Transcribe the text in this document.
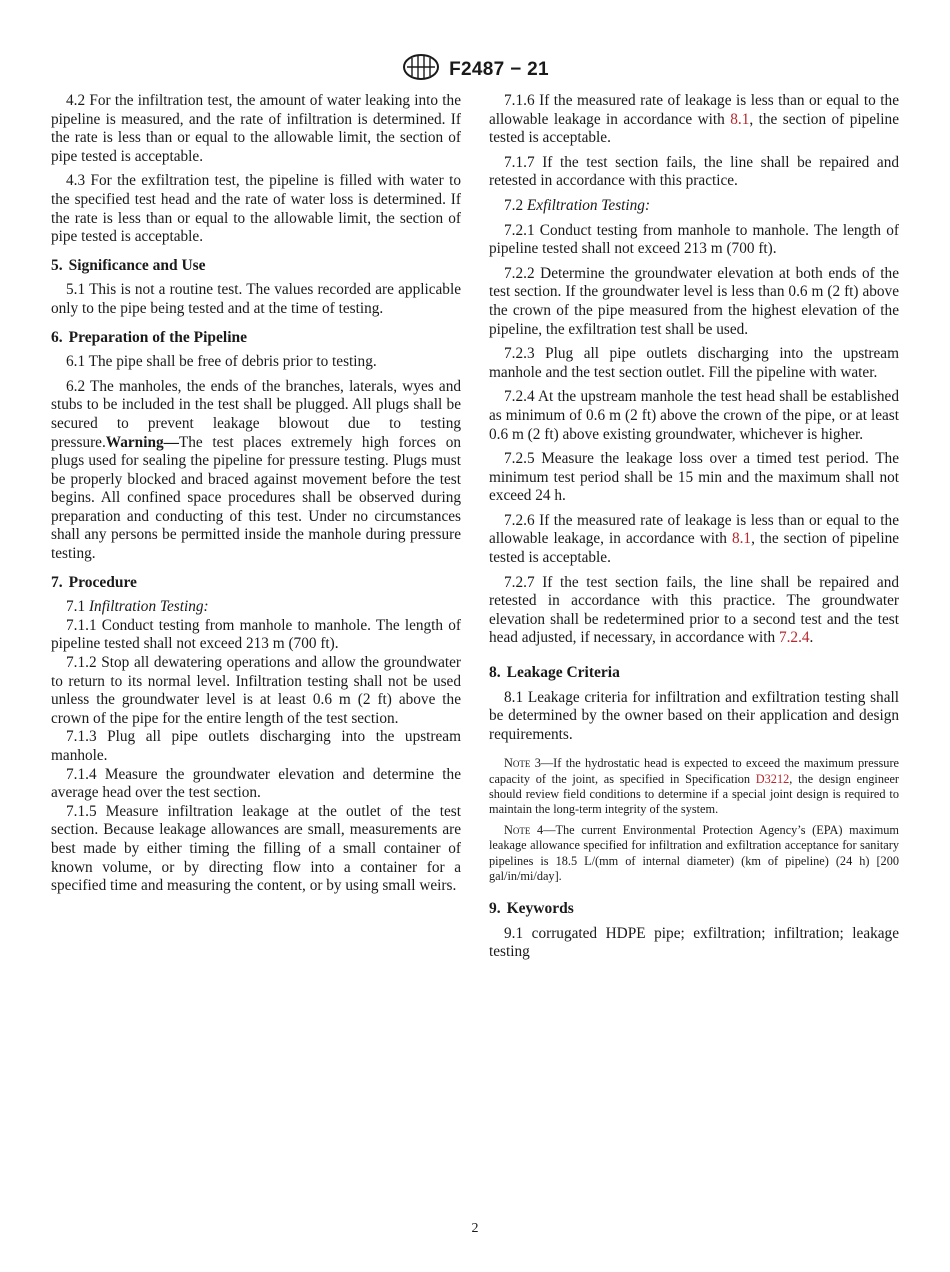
F2487 − 21

4.2 For the infiltration test, the amount of water leaking into the pipeline is measured, and the rate of infiltration is determined. If the rate is less than or equal to the allowable limit, the section of pipe tested is acceptable.

4.3 For the exfiltration test, the pipeline is filled with water to the specified test head and the rate of water loss is determined. If the rate is less than or equal to the allowable limit, the section of pipe tested is acceptable.

5. Significance and Use

5.1 This is not a routine test. The values recorded are applicable only to the pipe being tested and at the time of testing.

6. Preparation of the Pipeline

6.1 The pipe shall be free of debris prior to testing.

6.2 The manholes, the ends of the branches, laterals, wyes and stubs to be included in the test shall be plugged. All plugs shall be secured to prevent leakage blowout due to testing pressure.Warning—The test places extremely high forces on plugs used for sealing the pipeline for pressure testing. Plugs must be properly blocked and braced against movement before the test begins. All confined space procedures shall be observed during preparation and conducting of this test. Under no circumstances shall any persons be permitted inside the manhole during pressure testing.

7. Procedure

7.1 Infiltration Testing:

7.1.1 Conduct testing from manhole to manhole. The length of pipeline tested shall not exceed 213 m (700 ft).

7.1.2 Stop all dewatering operations and allow the groundwater to return to its normal level. Infiltration testing shall not be used unless the groundwater level is at least 0.6 m (2 ft) above the crown of the pipe for the entire length of the test section.

7.1.3 Plug all pipe outlets discharging into the upstream manhole.

7.1.4 Measure the groundwater elevation and determine the average head over the test section.

7.1.5 Measure infiltration leakage at the outlet of the test section. Because leakage allowances are small, measurements are best made by either timing the filling of a small container of known volume, or by directing flow into a container for a specified time and measuring the content, or by using small weirs.

7.1.6 If the measured rate of leakage is less than or equal to the allowable leakage in accordance with 8.1, the section of pipeline tested is acceptable.

7.1.7 If the test section fails, the line shall be repaired and retested in accordance with this practice.

7.2 Exfiltration Testing:

7.2.1 Conduct testing from manhole to manhole. The length of pipeline tested shall not exceed 213 m (700 ft).

7.2.2 Determine the groundwater elevation at both ends of the test section. If the groundwater level is less than 0.6 m (2 ft) above the crown of the pipe measured from the highest elevation of the pipeline, the exfiltration test shall be used.

7.2.3 Plug all pipe outlets discharging into the upstream manhole and the test section outlet. Fill the pipeline with water.

7.2.4 At the upstream manhole the test head shall be established as minimum of 0.6 m (2 ft) above the crown of the pipe, or at least 0.6 m (2 ft) above existing groundwater, whichever is higher.

7.2.5 Measure the leakage loss over a timed test period. The minimum test period shall be 15 min and the maximum shall not exceed 24 h.

7.2.6 If the measured rate of leakage is less than or equal to the allowable leakage, in accordance with 8.1, the section of pipeline tested is acceptable.

7.2.7 If the test section fails, the line shall be repaired and retested in accordance with this practice. The groundwater elevation shall be redetermined prior to a second test and the test head adjusted, if necessary, in accordance with 7.2.4.

8. Leakage Criteria

8.1 Leakage criteria for infiltration and exfiltration testing shall be determined by the owner based on their application and design requirements.

Note 3—If the hydrostatic head is expected to exceed the maximum pressure capacity of the joint, as specified in Specification D3212, the design engineer should review field conditions to determine if a special joint design is required to maintain the long-term integrity of the system.

Note 4—The current Environmental Protection Agency’s (EPA) maximum leakage allowance specified for infiltration and exfiltration acceptance for sanitary pipelines is 18.5 L/(mm of internal diameter) (km of pipeline) (24 h) [200 gal/in/mi/day].

9. Keywords

9.1 corrugated HDPE pipe; exfiltration; infiltration; leakage testing

2
